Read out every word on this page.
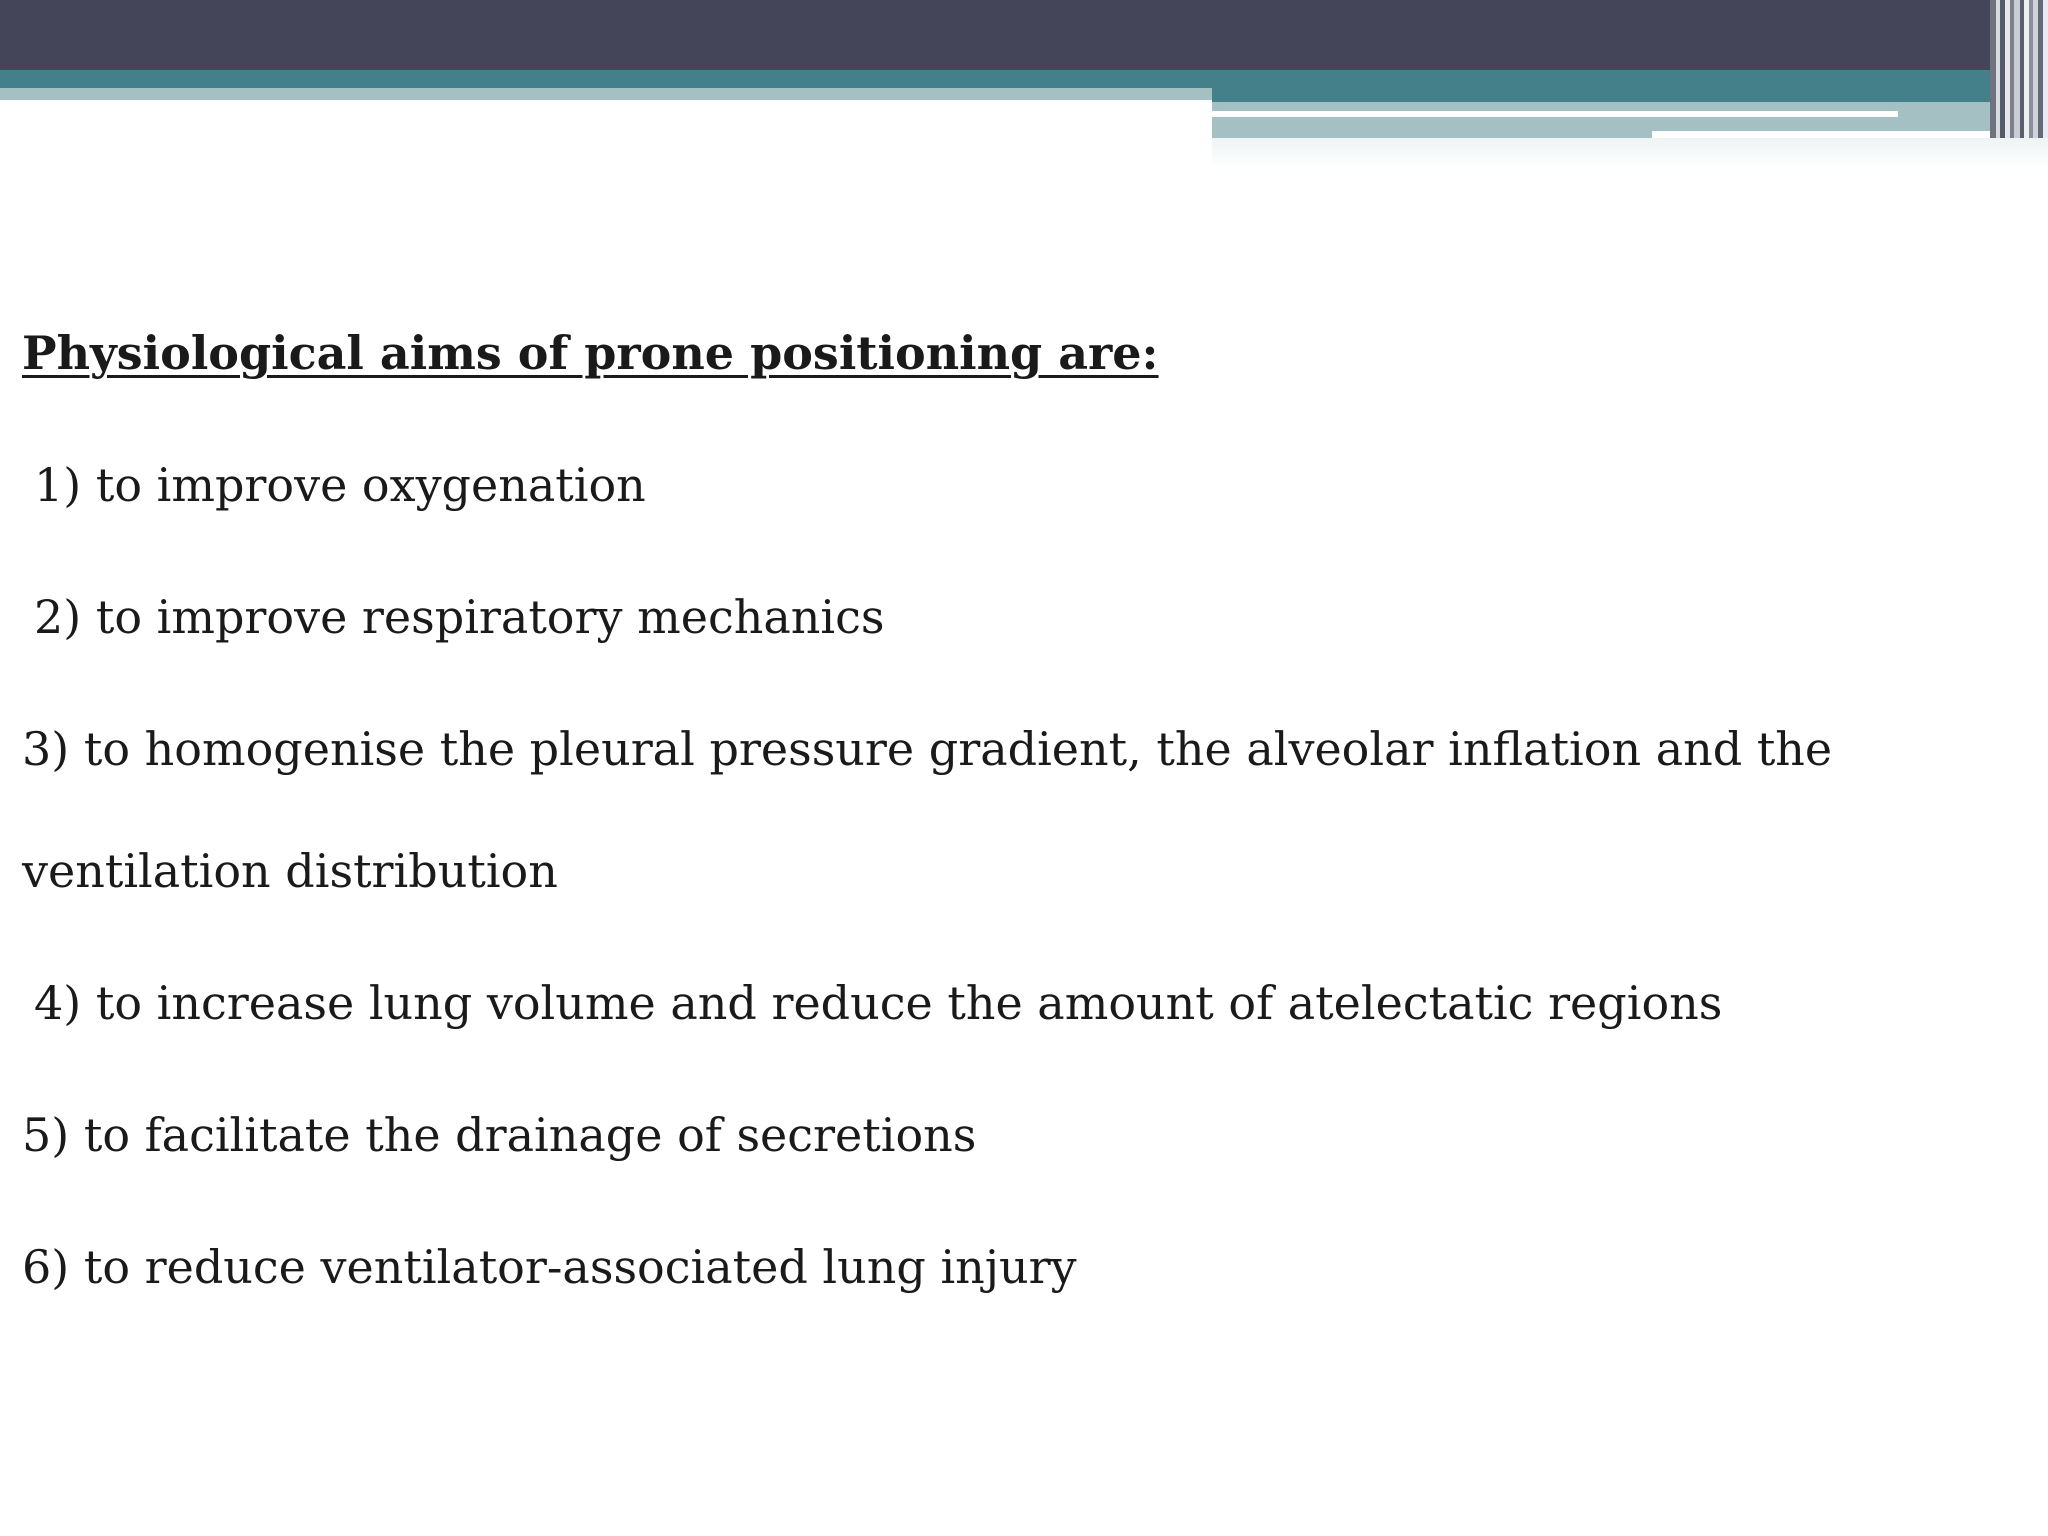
Physiological aims of prone positioning are:

1) to improve oxygenation

2) to improve respiratory mechanics

3) to homogenise the pleural pressure gradient, the alveolar inflation and the ventilation distribution

4) to increase lung volume and reduce the amount of atelectatic regions

5) to facilitate the drainage of secretions

6) to reduce ventilator-associated lung injury
